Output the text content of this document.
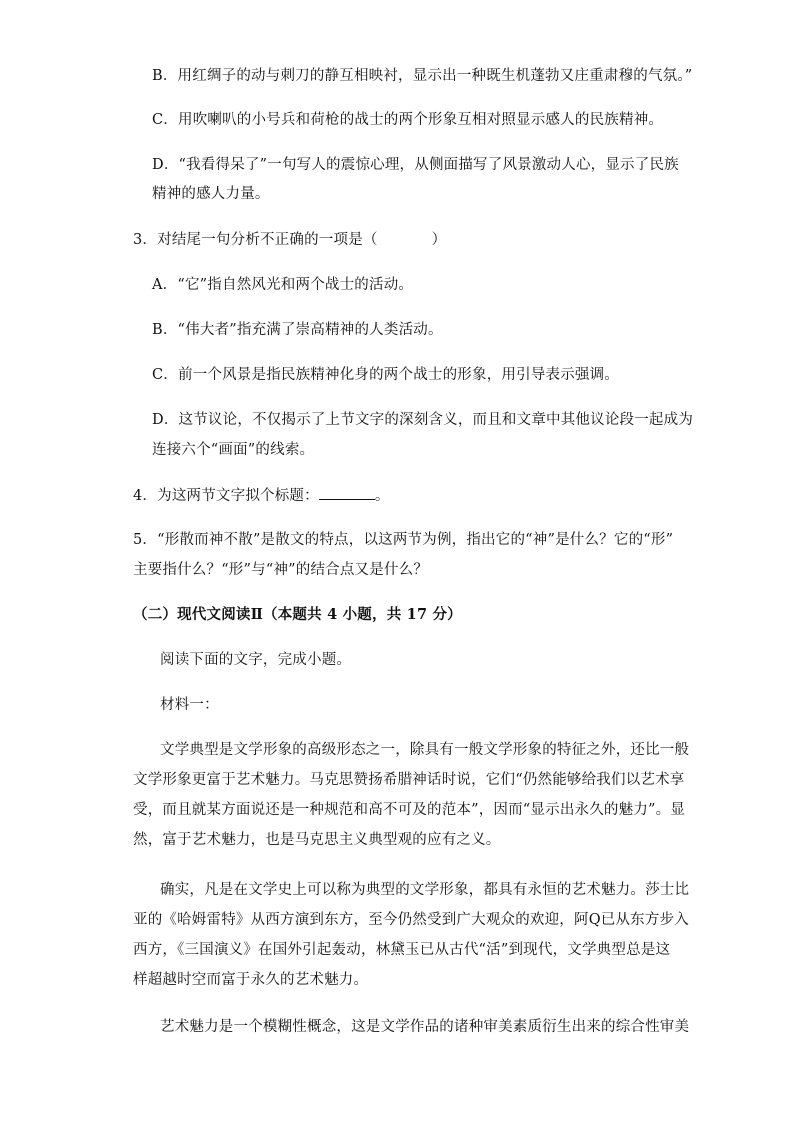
B．用红绸子的动与刺刀的静互相映衬，显示出一种既生机蓬勃又庄重肃穆的气氛。”
C．用吹喇叭的小号兵和荷枪的战士的两个形象互相对照显示感人的民族精神。
D．“我看得呆了”一句写人的震惊心理，从侧面描写了风景激动人心，显示了民族
精神的感人力量。
3．对结尾一句分析不正确的一项是（	）
A．“它”指自然风光和两个战士的活动。
B．“伟大者”指充满了崇高精神的人类活动。
C．前一个风景是指民族精神化身的两个战士的形象，用引导表示强调。
D．这节议论，不仅揭示了上节文字的深刻含义，而且和文章中其他议论段一起成为
连接六个“画面”的线索。
4．为这两节文字拟个标题：	。
5．“形散而神不散”是散文的特点，以这两节为例，指出它的“神”是什么？它的“形”
主要指什么？“形”与“神”的结合点又是什么？
（二）现代文阅读Ⅱ（本题共 4 小题，共 17 分）
阅读下面的文字，完成小题。
材料一：
文学典型是文学形象的高级形态之一，除具有一般文学形象的特征之外，还比一般
文学形象更富于艺术魅力。马克思赞扬希腊神话时说，它们“仍然能够给我们以艺术享
受，而且就某方面说还是一种规范和高不可及的范本”，因而“显示出永久的魅力”。显
然，富于艺术魅力，也是马克思主义典型观的应有之义。
确实，凡是在文学史上可以称为典型的文学形象，都具有永恒的艺术魅力。莎士比
亚的《哈姆雷特》从西方演到东方，至今仍然受到广大观众的欢迎，阿Q已从东方步入
西方，《三国演义》在国外引起轰动，林黛玉已从古代“活”到现代，文学典型总是这
样超越时空而富于永久的艺术魅力。
艺术魅力是一个模糊性概念，这是文学作品的诸种审美素质衍生出来的综合性审美
